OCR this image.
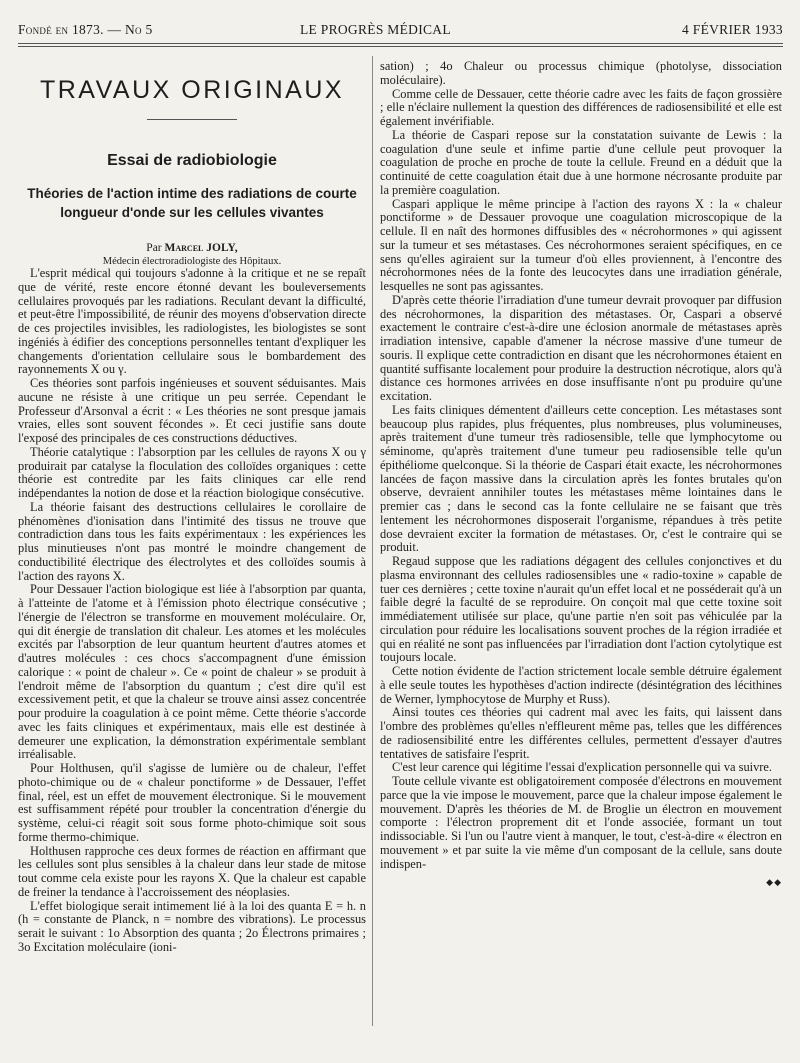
Fondé en 1873. — No 5	LE PROGRÈS MÉDICAL	4 FÉVRIER 1933
TRAVAUX ORIGINAUX
Essai de radiobiologie
Théories de l'action intime des radiations de courte longueur d'onde sur les cellules vivantes
Par Marcel JOLY,
Médecin électroradiologiste des Hôpitaux.
L'esprit médical qui toujours s'adonne à la critique et ne se repaît que de vérité, reste encore étonné devant les bouleversements cellulaires provoqués par les radiations. Reculant devant la difficulté, et peut-être l'impossibilité, de réunir des moyens d'observation directe de ces projectiles invisibles, les radiologistes, les biologistes se sont ingéniés à édifier des conceptions personnelles tentant d'expliquer les changements d'orientation cellulaire sous le bombardement des rayonnements X ou γ.
Ces théories sont parfois ingénieuses et souvent séduisantes. Mais aucune ne résiste à une critique un peu serrée. Cependant le Professeur d'Arsonval a écrit : « Les théories ne sont presque jamais vraies, elles sont souvent fécondes ». Et ceci justifie sans doute l'exposé des principales de ces constructions déductives.
Théorie catalytique : l'absorption par les cellules de rayons X ou γ produirait par catalyse la floculation des colloïdes organiques : cette théorie est contredite par les faits cliniques car elle rend indépendantes la notion de dose et la réaction biologique consécutive.
La théorie faisant des destructions cellulaires le corollaire de phénomènes d'ionisation dans l'intimité des tissus ne trouve que contradiction dans tous les faits expérimentaux : les expériences les plus minutieuses n'ont pas montré le moindre changement de conductibilité électrique des électrolytes et des colloïdes soumis à l'action des rayons X.
Pour Dessauer l'action biologique est liée à l'absorption par quanta, à l'atteinte de l'atome et à l'émission photo électrique consécutive ; l'énergie de l'électron se transforme en mouvement moléculaire. Or, qui dit énergie de translation dit chaleur. Les atomes et les molécules excités par l'absorption de leur quantum heurtent d'autres atomes et d'autres molécules : ces chocs s'accompagnent d'une émission calorique : « point de chaleur ». Ce « point de chaleur » se produit à l'endroit même de l'absorption du quantum ; c'est dire qu'il est excessivement petit, et que la chaleur se trouve ainsi assez concentrée pour produire la coagulation à ce point même. Cette théorie s'accorde avec les faits cliniques et expérimentaux, mais elle est destinée à demeurer une explication, la démonstration expérimentale semblant irréalisable.
Pour Holthusen, qu'il s'agisse de lumière ou de chaleur, l'effet photo-chimique ou de « chaleur ponctiforme » de Dessauer, l'effet final, réel, est un effet de mouvement électronique. Si le mouvement est suffisamment répété pour troubler la concentration d'énergie du système, celui-ci réagit soit sous forme photo-chimique soit sous forme thermo-chimique.
Holthusen rapproche ces deux formes de réaction en affirmant que les cellules sont plus sensibles à la chaleur dans leur stade de mitose tout comme cela existe pour les rayons X. Que la chaleur est capable de freiner la tendance à l'accroissement des néoplasies.
L'effet biologique serait intimement lié à la loi des quanta E = h. n (h = constante de Planck, n = nombre des vibrations). Le processus serait le suivant : 1o Absorption des quanta ; 2o Électrons primaires ; 3o Excitation moléculaire (ioni-
sation) ; 4o Chaleur ou processus chimique (photolyse, dissociation moléculaire).
Comme celle de Dessauer, cette théorie cadre avec les faits de façon grossière ; elle n'éclaire nullement la question des différences de radiosensibilité et elle est également invérifiable.
La théorie de Caspari repose sur la constatation suivante de Lewis : la coagulation d'une seule et infime partie d'une cellule peut provoquer la coagulation de proche en proche de toute la cellule. Freund en a déduit que la continuité de cette coagulation était due à une hormone nécrosante produite par la première coagulation.
Caspari applique le même principe à l'action des rayons X : la « chaleur ponctiforme » de Dessauer provoque une coagulation microscopique de la cellule. Il en naît des hormones diffusibles des « nécrohormones » qui agissent sur la tumeur et ses métastases. Ces nécrohormones seraient spécifiques, en ce sens qu'elles agiraient sur la tumeur d'où elles proviennent, à l'encontre des nécrohormones nées de la fonte des leucocytes dans une irradiation générale, lesquelles ne sont pas agissantes.
D'après cette théorie l'irradiation d'une tumeur devrait provoquer par diffusion des nécrohormones, la disparition des métastases. Or, Caspari a observé exactement le contraire c'est-à-dire une éclosion anormale de métastases après irradiation intensive, capable d'amener la nécrose massive d'une tumeur de souris. Il explique cette contradiction en disant que les nécrohormones étaient en quantité suffisante localement pour produire la destruction nécrotique, alors qu'à distance ces hormones arrivées en dose insuffisante n'ont pu produire qu'une excitation.
Les faits cliniques démentent d'ailleurs cette conception. Les métastases sont beaucoup plus rapides, plus fréquentes, plus nombreuses, plus volumineuses, après traitement d'une tumeur très radiosensible, telle que lymphocytome ou séminome, qu'après traitement d'une tumeur peu radiosensible telle qu'un épithéliome quelconque. Si la théorie de Caspari était exacte, les nécrohormones lancées de façon massive dans la circulation après les fontes brutales qu'on observe, devraient annihiler toutes les métastases même lointaines dans le premier cas ; dans le second cas la fonte cellulaire ne se faisant que très lentement les nécrohormones disposerait l'organisme, répandues à très petite dose devraient exciter la formation de métastases. Or, c'est le contraire qui se produit.
Regaud suppose que les radiations dégagent des cellules conjonctives et du plasma environnant des cellules radiosensibles une « radio-toxine » capable de tuer ces dernières ; cette toxine n'aurait qu'un effet local et ne posséderait qu'à un faible degré la faculté de se reproduire. On conçoit mal que cette toxine soit immédiatement utilisée sur place, qu'une partie n'en soit pas véhiculée par la circulation pour réduire les localisations souvent proches de la région irradiée et qui en réalité ne sont pas influencées par l'irradiation dont l'action cytolytique est toujours locale.
Cette notion évidente de l'action strictement locale semble détruire également à elle seule toutes les hypothèses d'action indirecte (désintégration des lécithines de Werner, lymphocytose de Murphy et Russ).
Ainsi toutes ces théories qui cadrent mal avec les faits, qui laissent dans l'ombre des problèmes qu'elles n'effleurent même pas, telles que les différences de radiosensibilité entre les différentes cellules, permettent d'essayer d'autres tentatives de satisfaire l'esprit.
C'est leur carence qui légitime l'essai d'explication personnelle qui va suivre.
Toute cellule vivante est obligatoirement composée d'électrons en mouvement parce que la vie impose le mouvement, parce que la chaleur impose également le mouvement. D'après les théories de M. de Broglie un électron en mouvement comporte : l'électron proprement dit et l'onde associée, formant un tout indissociable. Si l'un ou l'autre vient à manquer, le tout, c'est-à-dire « électron en mouvement » et par suite la vie même d'un composant de la cellule, sans doute indispen-
◆◆
